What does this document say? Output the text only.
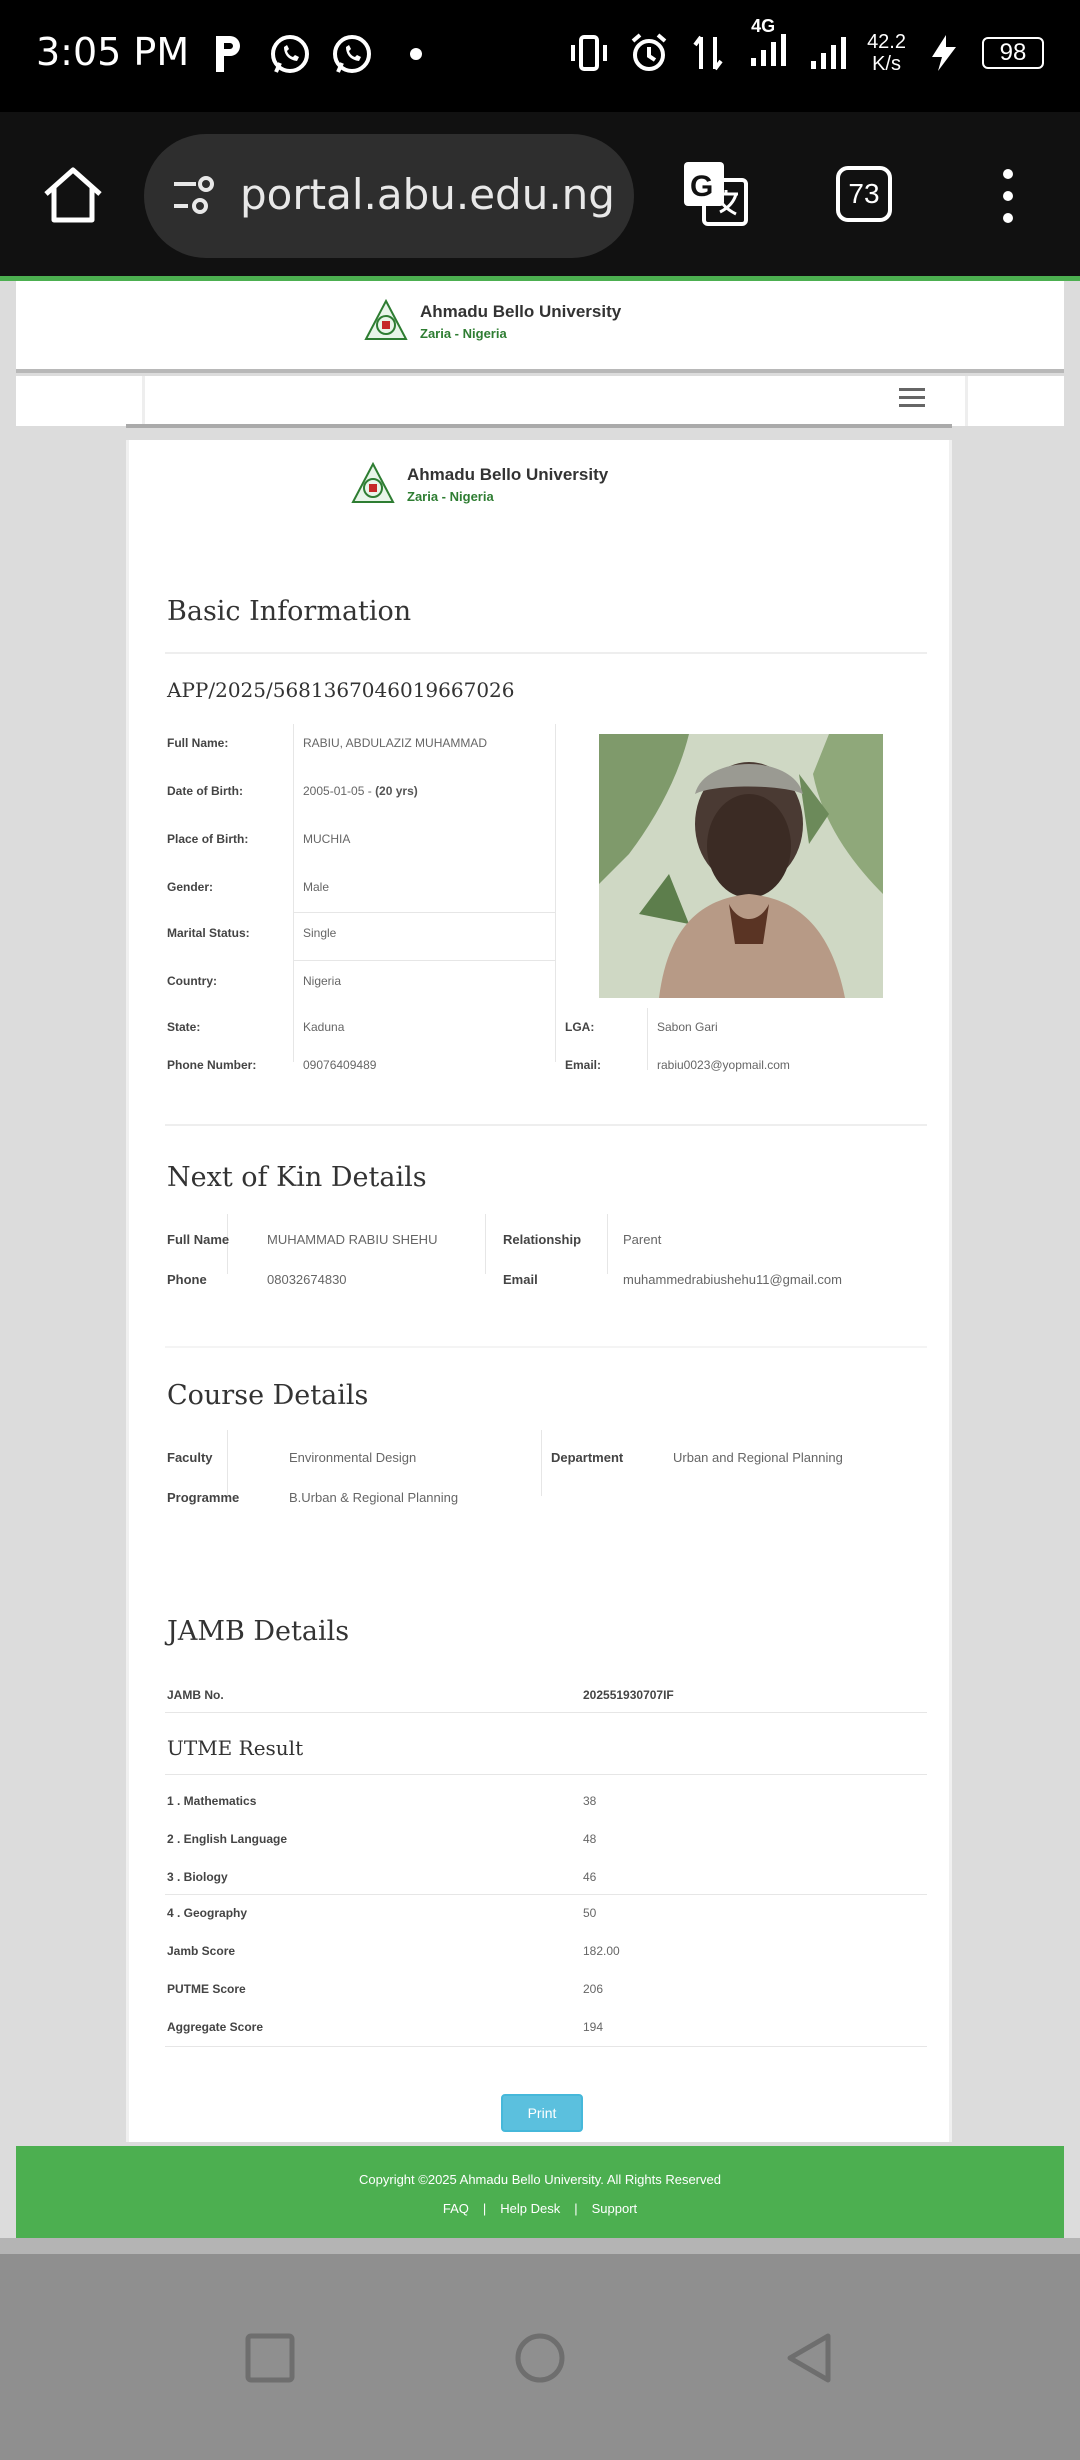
3:05 PM
4G
42.2
K/s	98
portal.abu.edu.ng	G	73
Ahmadu Bello University
Zaria - Nigeria
Ahmadu Bello University
Zaria - Nigeria
Basic Information
APP/2025/5681367046019667026
Full Name:	RABIU, ABDULAZIZ MUHAMMAD
Date of Birth:	2005-01-05 - (20 yrs)
Place of Birth:	MUCHIA
Gender:	Male
Marital Status:	Single
Country:	Nigeria
State:	Kaduna	LGA:	Sabon Gari
Phone Number:	09076409489	Email:	rabiu0023@yopmail.com
Next of Kin Details
Full Name	MUHAMMAD RABIU SHEHU	Relationship	Parent
Phone	08032674830	Email	muhammedrabiushehu11@gmail.com
Course Details
Faculty	Environmental Design	Department	Urban and Regional Planning
Programme	B.Urban & Regional Planning
JAMB Details
JAMB No.	202551930707IF
UTME Result
1 . Mathematics	38
2 . English Language	48
3 . Biology	46
4 . Geography	50
Jamb Score	182.00
PUTME Score	206
Aggregate Score	194
Print
Copyright ©2025 Ahmadu Bello University. All Rights Reserved
FAQ | Help Desk | Support
